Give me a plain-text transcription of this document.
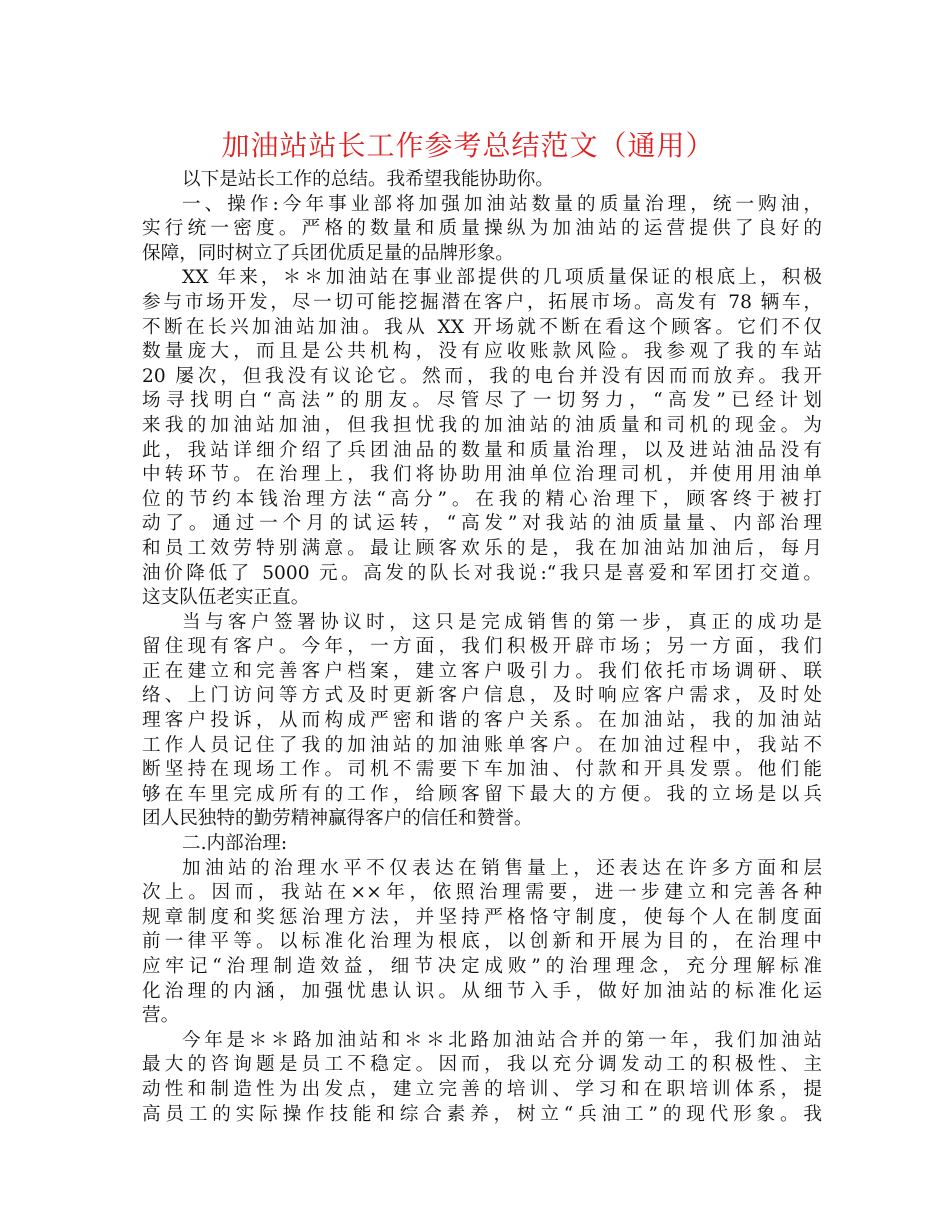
加油站站长工作参考总结范文（通用）
以下是站长工作的总结。我希望我能协助你。
一、操作:今年事业部将加强加油站数量的质量治理，统一购油，
实行统一密度。严格的数量和质量操纵为加油站的运营提供了良好的
保障，同时树立了兵团优质足量的品牌形象。
XX 年来，＊＊加油站在事业部提供的几项质量保证的根底上，积极
参与市场开发，尽一切可能挖掘潜在客户，拓展市场。高发有 78 辆车，
不断在长兴加油站加油。我从 XX 开场就不断在看这个顾客。它们不仅
数量庞大，而且是公共机构，没有应收账款风险。我参观了我的车站
20 屡次，但我没有议论它。然而，我的电台并没有因而而放弃。我开
场寻找明白“高法”的朋友。尽管尽了一切努力，“高发”已经计划
来我的加油站加油，但我担忧我的加油站的油质量和司机的现金。为
此，我站详细介绍了兵团油品的数量和质量治理，以及进站油品没有
中转环节。在治理上，我们将协助用油单位治理司机，并使用用油单
位的节约本钱治理方法“高分”。在我的精心治理下，顾客终于被打
动了。通过一个月的试运转，“高发”对我站的油质量量、内部治理
和员工效劳特别满意。最让顾客欢乐的是，我在加油站加油后，每月
油价降低了 5000 元。高发的队长对我说:“我只是喜爱和军团打交道。
这支队伍老实正直。
当与客户签署协议时，这只是完成销售的第一步，真正的成功是
留住现有客户。今年，一方面，我们积极开辟市场；另一方面，我们
正在建立和完善客户档案，建立客户吸引力。我们依托市场调研、联
络、上门访问等方式及时更新客户信息，及时响应客户需求，及时处
理客户投诉，从而构成严密和谐的客户关系。在加油站，我的加油站
工作人员记住了我的加油站的加油账单客户。在加油过程中，我站不
断坚持在现场工作。司机不需要下车加油、付款和开具发票。他们能
够在车里完成所有的工作，给顾客留下最大的方便。我的立场是以兵
团人民独特的勤劳精神赢得客户的信任和赞誉。
二.内部治理:
加油站的治理水平不仅表达在销售量上，还表达在许多方面和层
次上。因而，我站在××年，依照治理需要，进一步建立和完善各种
规章制度和奖惩治理方法，并坚持严格恪守制度，使每个人在制度面
前一律平等。以标准化治理为根底，以创新和开展为目的，在治理中
应牢记“治理制造效益，细节决定成败”的治理理念，充分理解标准
化治理的内涵，加强忧患认识。从细节入手，做好加油站的标准化运
营。
今年是＊＊路加油站和＊＊北路加油站合并的第一年，我们加油站
最大的咨询题是员工不稳定。因而，我以充分调发动工的积极性、主
动性和制造性为出发点，建立完善的培训、学习和在职培训体系，提
高员工的实际操作技能和综合素养，树立“兵油工”的现代形象。我
